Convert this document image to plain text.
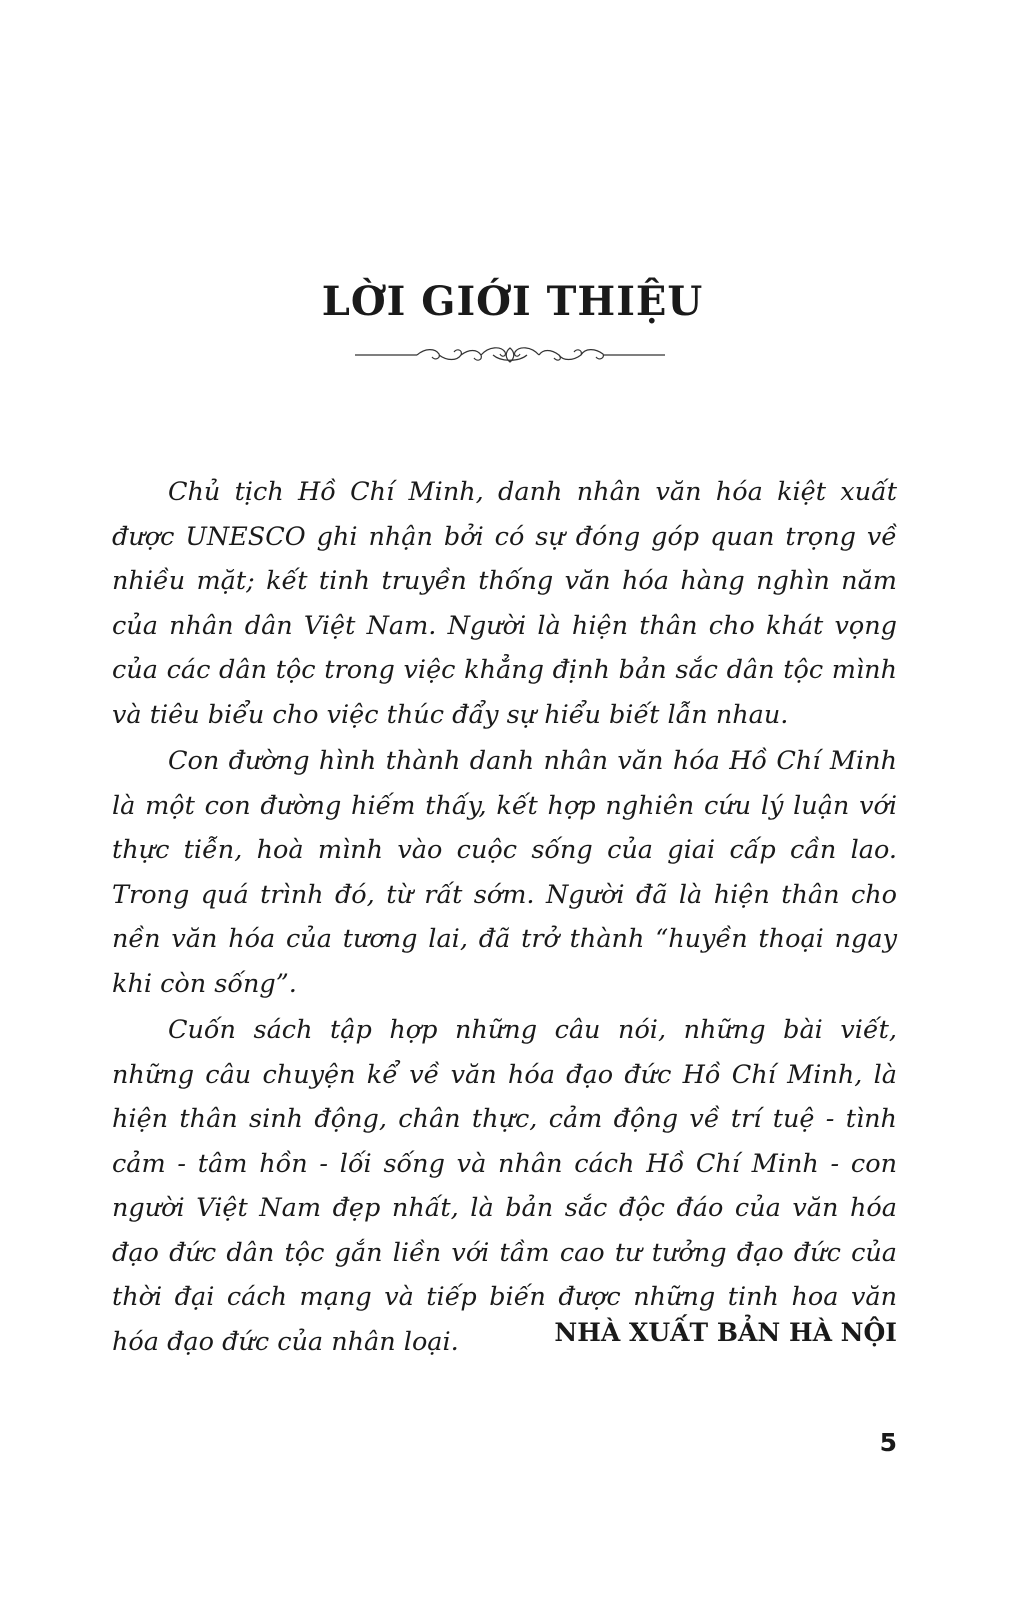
LỜI GIỚI THIỆU

Chủ tịch Hồ Chí Minh, danh nhân văn hóa kiệt xuất được UNESCO ghi nhận bởi có sự đóng góp quan trọng về nhiều mặt; kết tinh truyền thống văn hóa hàng nghìn năm của nhân dân Việt Nam. Người là hiện thân cho khát vọng của các dân tộc trong việc khẳng định bản sắc dân tộc mình và tiêu biểu cho việc thúc đẩy sự hiểu biết lẫn nhau.

Con đường hình thành danh nhân văn hóa Hồ Chí Minh là một con đường hiếm thấy, kết hợp nghiên cứu lý luận với thực tiễn, hoà mình vào cuộc sống của giai cấp cần lao. Trong quá trình đó, từ rất sớm. Người đã là hiện thân cho nền văn hóa của tương lai, đã trở thành “huyền thoại ngay khi còn sống”.

Cuốn sách tập hợp những câu nói, những bài viết, những câu chuyện kể về văn hóa đạo đức Hồ Chí Minh, là hiện thân sinh động, chân thực, cảm động về trí tuệ - tình cảm - tâm hồn - lối sống và nhân cách Hồ Chí Minh - con người Việt Nam đẹp nhất, là bản sắc độc đáo của văn hóa đạo đức dân tộc gắn liền với tầm cao tư tưởng đạo đức của thời đại cách mạng và tiếp biến được những tinh hoa văn hóa đạo đức của nhân loại.	NHÀ XUẤT BẢN HÀ NỘI

5
